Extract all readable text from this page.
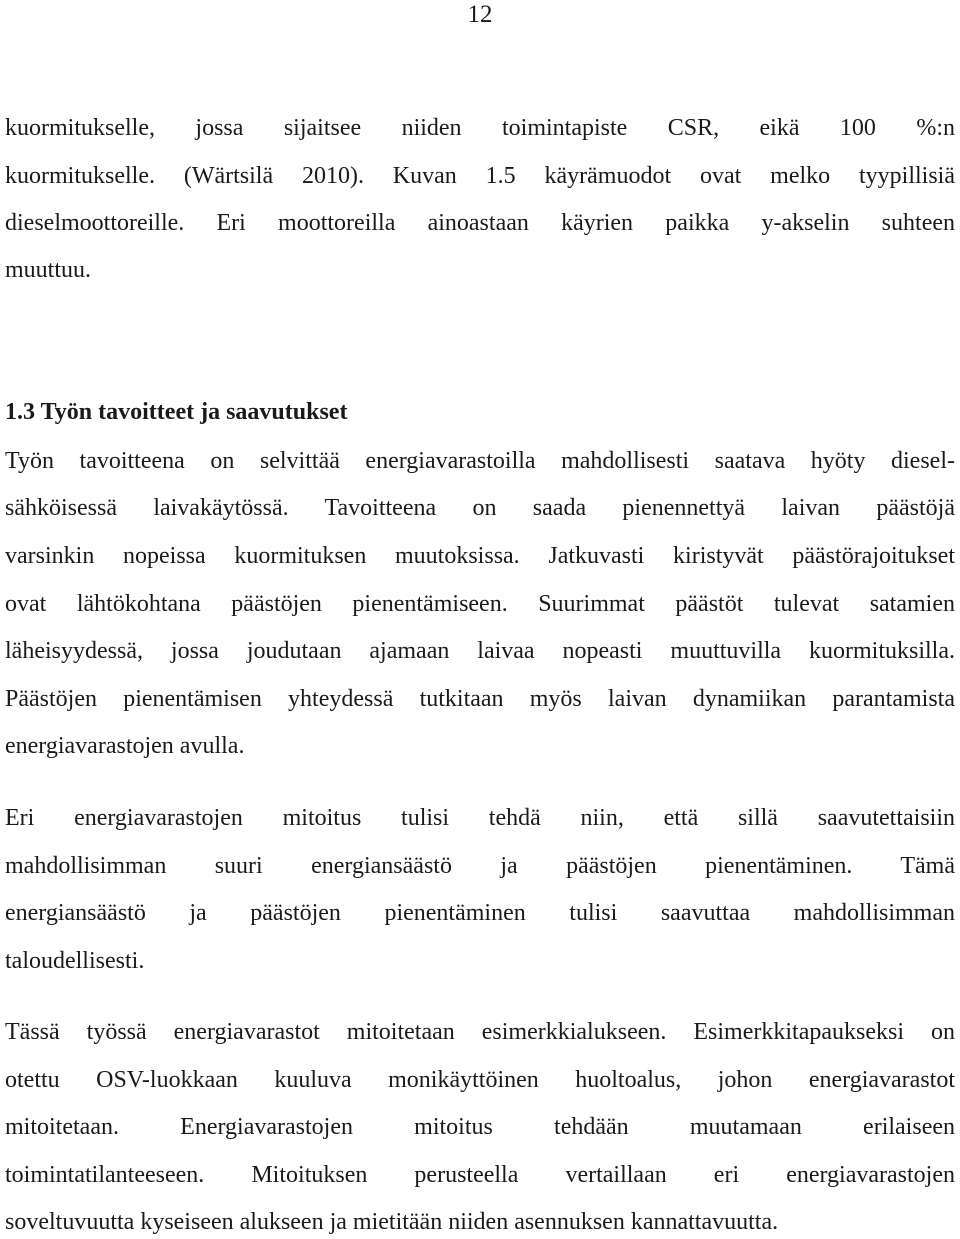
12
kuormitukselle, jossa sijaitsee niiden toimintapiste CSR, eikä 100 %:n
kuormitukselle. (Wärtsilä 2010). Kuvan 1.5 käyrämuodot ovat melko tyypillisiä
dieselmoottoreille. Eri moottoreilla ainoastaan käyrien paikka y-akselin suhteen
muuttuu.
1.3 Työn tavoitteet ja saavutukset
Työn tavoitteena on selvittää energiavarastoilla mahdollisesti saatava hyöty diesel-
sähköisessä laivakäytössä. Tavoitteena on saada pienennettyä laivan päästöjä
varsinkin nopeissa kuormituksen muutoksissa. Jatkuvasti kiristyvät päästörajoitukset
ovat lähtökohtana päästöjen pienentämiseen. Suurimmat päästöt tulevat satamien
läheisyydessä, jossa joudutaan ajamaan laivaa nopeasti muuttuvilla kuormituksilla.
Päästöjen pienentämisen yhteydessä tutkitaan myös laivan dynamiikan parantamista
energiavarastojen avulla.
Eri energiavarastojen mitoitus tulisi tehdä niin, että sillä saavutettaisiin
mahdollisimman suuri energiansäästö ja päästöjen pienentäminen. Tämä
energiansäästö ja päästöjen pienentäminen tulisi saavuttaa mahdollisimman
taloudellisesti.
Tässä työssä energiavarastot mitoitetaan esimerkkialukseen. Esimerkkitapaukseksi on
otettu OSV-luokkaan kuuluva monikäyttöinen huoltoalus, johon energiavarastot
mitoitetaan. Energiavarastojen mitoitus tehdään muutamaan erilaiseen
toimintatilanteeseen. Mitoituksen perusteella vertaillaan eri energiavarastojen
soveltuvuutta kyseiseen alukseen ja mietitään niiden asennuksen kannattavuutta.
